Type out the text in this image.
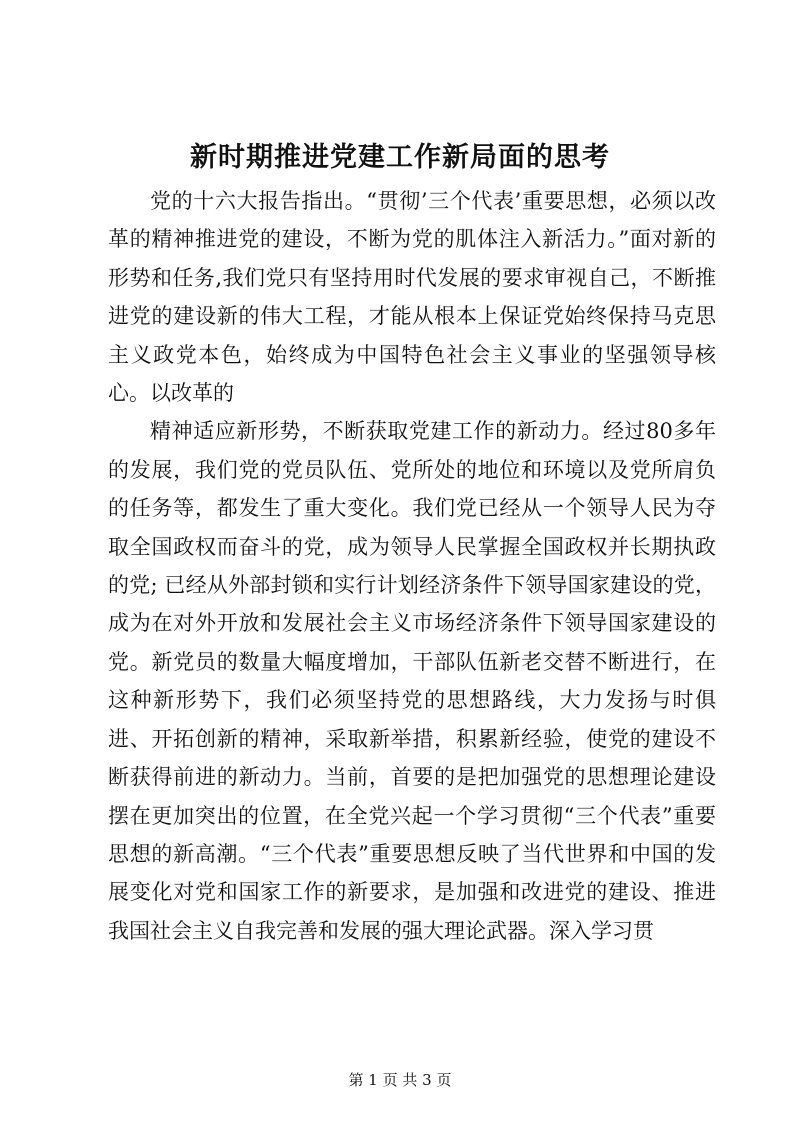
新时期推进党建工作新局面的思考

党的十六大报告指出。“贯彻’三个代表’重要思想，必须以改革的精神推进党的建设，不断为党的肌体注入新活力。”面对新的形势和任务,我们党只有坚持用时代发展的要求审视自己，不断推进党的建设新的伟大工程，才能从根本上保证党始终保持马克思主义政党本色，始终成为中国特色社会主义事业的坚强领导核心。以改革的

精神适应新形势，不断获取党建工作的新动力。经过80多年的发展，我们党的党员队伍、党所处的地位和环境以及党所肩负的任务等，都发生了重大变化。我们党已经从一个领导人民为夺取全国政权而奋斗的党，成为领导人民掌握全国政权并长期执政的党; 已经从外部封锁和实行计划经济条件下领导国家建设的党，成为在对外开放和发展社会主义市场经济条件下领导国家建设的党。新党员的数量大幅度增加，干部队伍新老交替不断进行，在这种新形势下，我们必须坚持党的思想路线，大力发扬与时俱进、开拓创新的精神，采取新举措，积累新经验，使党的建设不断获得前进的新动力。当前，首要的是把加强党的思想理论建设摆在更加突出的位置，在全党兴起一个学习贯彻“三个代表”重要思想的新高潮。“三个代表”重要思想反映了当代世界和中国的发展变化对党和国家工作的新要求，是加强和改进党的建设、推进我国社会主义自我完善和发展的强大理论武器。深入学习贯

第 1 页 共 3 页
